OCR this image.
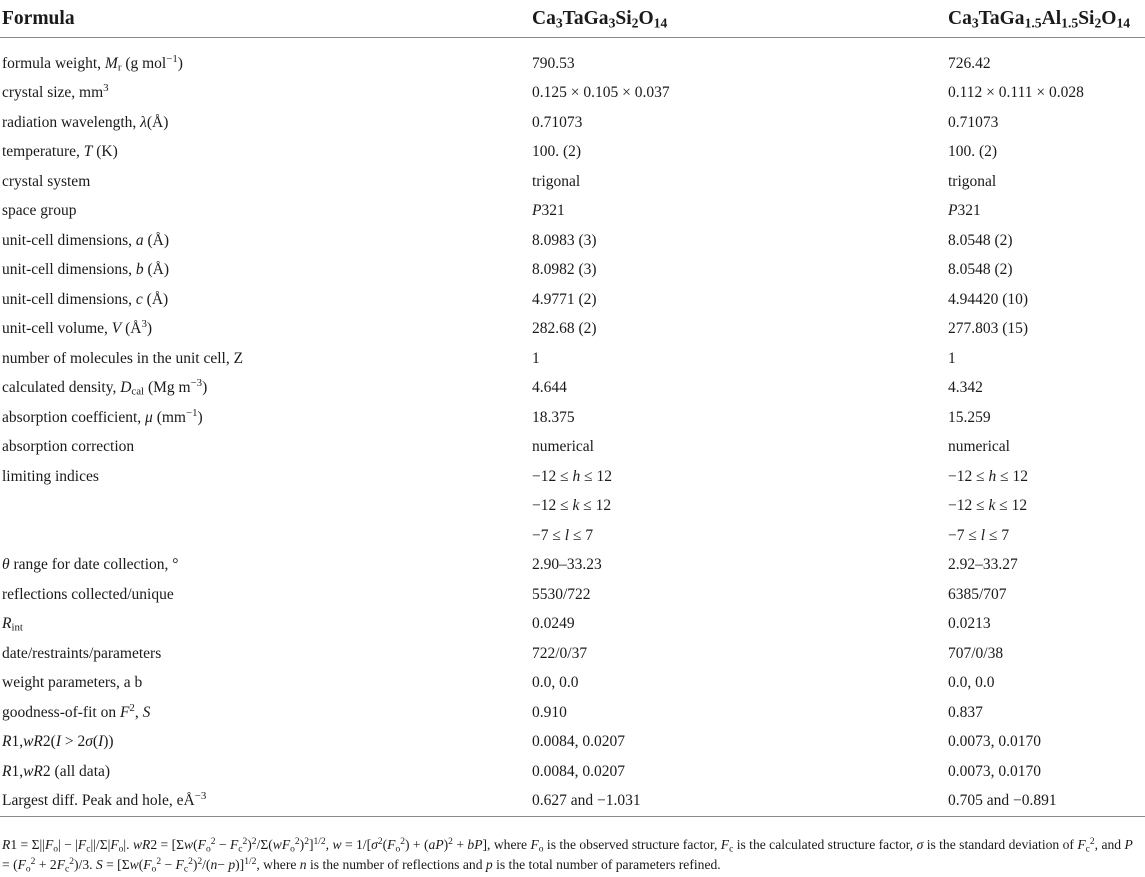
Formula	$Ca_3TaGa_3Si_2O_{14}$	$Ca_3TaGa_{1.5}Al_{1.5}Si_2O_{14}$

formula weight, $M_r$ (g mol$^{-1}$)	790.53	726.42
crystal size, $mm^3$	0.125 × 0.105 × 0.037	0.112 × 0.111 × 0.028
radiation wavelength, λ(Å)	0.71073	0.71073
temperature, T (K)	100. (2)	100. (2)
crystal system	trigonal	trigonal
space group	P321	P321
unit-cell dimensions, a (Å)	8.0983 (3)	8.0548 (2)
unit-cell dimensions, b (Å)	8.0982 (3)	8.0548 (2)
unit-cell dimensions, c (Å)	4.9771 (2)	4.94420 (10)
unit-cell volume, V $(Å^3)$	282.68 (2)	277.803 (15)
number of molecules in the unit cell, Z	1	1
calculated density, $D_{cal}$ (Mg $m^{-3}$)	4.644	4.342
absorption coefficient, μ $(mm^{-1})$	18.375	15.259
absorption correction	numerical	numerical
limiting indices	−12 ≤ h ≤ 12	−12 ≤ h ≤ 12
	−12 ≤ k ≤ 12	−12 ≤ k ≤ 12
	−7 ≤ l ≤ 7	−7 ≤ l ≤ 7
θ range for date collection, °	2.90–33.23	2.92–33.27
reflections collected/unique	5530/722	6385/707
$R_{int}$	0.0249	0.0213
date/restraints/parameters	722/0/37	707/0/38
weight parameters, a b	0.0, 0.0	0.0, 0.0
goodness-of-fit on $F^2$, S	0.910	0.837
R1,wR2(I > 2σ(I))	0.0084, 0.0207	0.0073, 0.0170
R1,wR2 (all data)	0.0084, 0.0207	0.0073, 0.0170
Largest diff. Peak and hole, $eÅ^{-3}$	0.627 and −1.031	0.705 and −0.891
$R1 = \Sigma||F_o| - |F_c||/\Sigma|F_o|$. $wR2 = [\Sigma w(F_o^2 - F_c^2)^2/\Sigma(wF_o^2)^2]^{1/2}$, $w = 1/[\sigma^2(F_o^2) + (aP)^2 + bP]$, where $F_o$ is the observed structure factor, $F_c$ is the calculated structure factor, σ is the standard deviation of $F_c^2$, and $P = (F_o^2 + 2F_c^2)/3$. $S = [\Sigma w(F_o^2 - F_c^2)^2/(n- p)]^{1/2}$, where n is the number of reflections and p is the total number of parameters refined.
